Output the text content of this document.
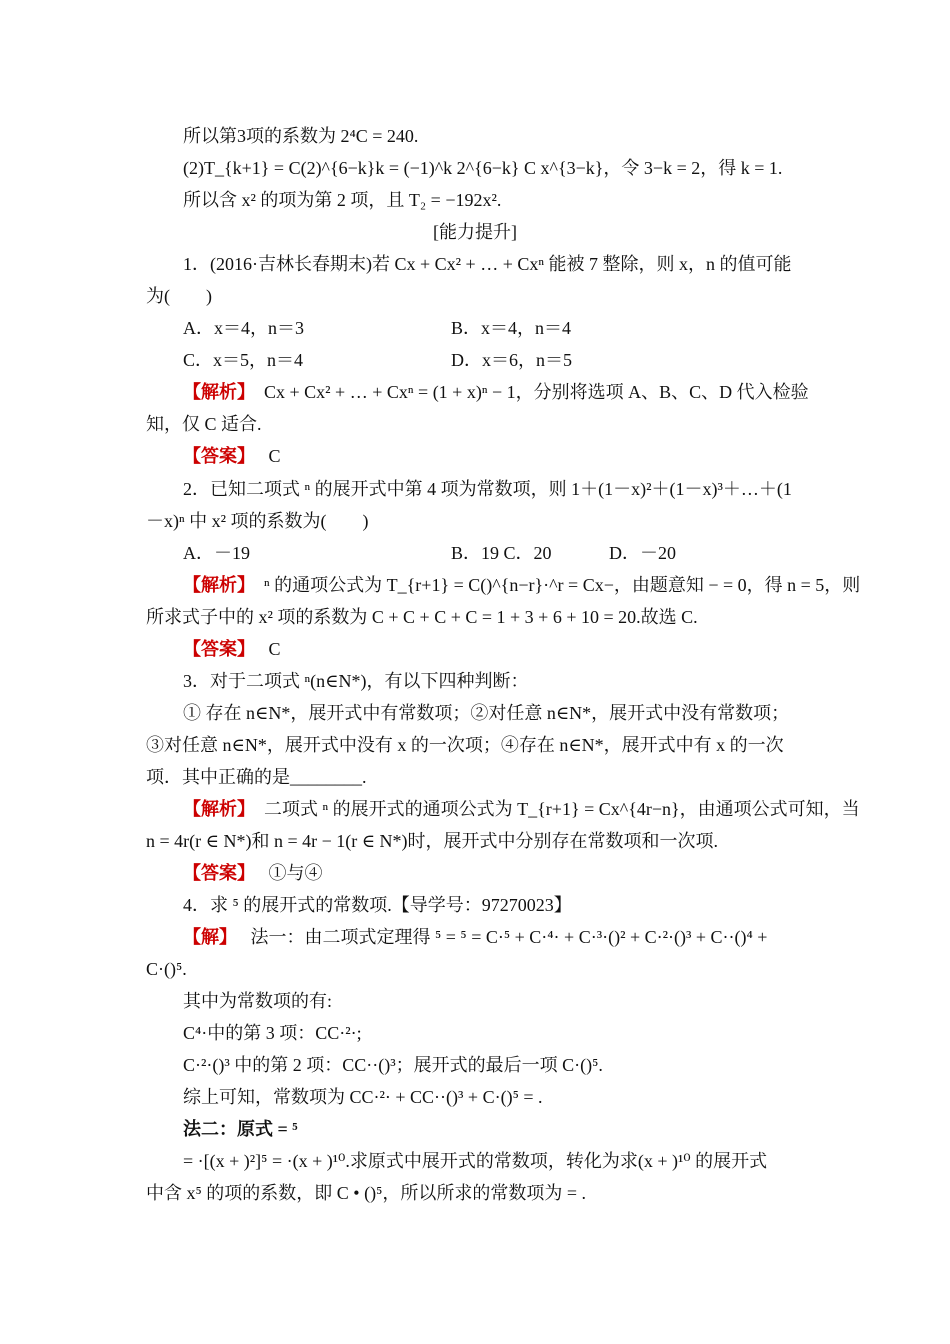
所以第3项的系数为 2⁴C = 240.
(2)T_{k+1} = C(2)^{6−k}k = (−1)^k 2^{6−k} C x^{3−k}，令 3−k = 2，得 k = 1.
所以含 x² 的项为第 2 项，且 T₂ = −192x².
[能力提升]
1．(2016·吉林长春期末)若 Cx + Cx² + … + Cxⁿ 能被 7 整除，则 x，n 的值可能
为(　　)
A．x＝4，n＝3	B．x＝4，n＝4
C．x＝5，n＝4	D．x＝6，n＝5
【解析】 Cx + Cx² + … + Cxⁿ = (1 + x)ⁿ − 1，分别将选项 A、B、C、D 代入检验
知，仅 C 适合.
【答案】 C
2．已知二项式 ⁿ 的展开式中第 4 项为常数项，则 1＋(1－x)²＋(1－x)³＋…＋(1
－x)ⁿ 中 x² 项的系数为(　　)
A．－19	B．19 C．20	D．－20
【解析】 ⁿ 的通项公式为 T_{r+1} = C()^{n−r}·^r = Cx−，由题意知 − = 0，得 n = 5，则
所求式子中的 x² 项的系数为 C + C + C + C = 1 + 3 + 6 + 10 = 20.故选 C.
【答案】 C
3．对于二项式 ⁿ(n∈N*)，有以下四种判断：
① 存在 n∈N*，展开式中有常数项；②对任意 n∈N*，展开式中没有常数项；
③对任意 n∈N*，展开式中没有 x 的一次项；④存在 n∈N*，展开式中有 x 的一次
项．其中正确的是________.
【解析】 二项式 ⁿ 的展开式的通项公式为 T_{r+1} = Cx^{4r−n}，由通项公式可知，当
n = 4r(r ∈ N*)和 n = 4r − 1(r ∈ N*)时，展开式中分别存在常数项和一次项.
【答案】 ①与④
4．求 ⁵ 的展开式的常数项.【导学号：97270023】
【解】 法一：由二项式定理得 ⁵ = ⁵ = C·⁵ + C·⁴· + C·³·()² + C·²·()³ + C··()⁴ +
C·()⁵.
其中为常数项的有:
C⁴·中的第 3 项：CC·²·;
C·²·()³ 中的第 2 项：CC··()³；展开式的最后一项 C·()⁵.
综上可知，常数项为 CC·²· + CC··()³ + C·()⁵ = .
法二：原式 = ⁵
= ·[(x + )²]⁵ = ·(x + )¹⁰.求原式中展开式的常数项，转化为求(x + )¹⁰ 的展开式
中含 x⁵ 的项的系数，即 C • ()⁵，所以所求的常数项为 = .
